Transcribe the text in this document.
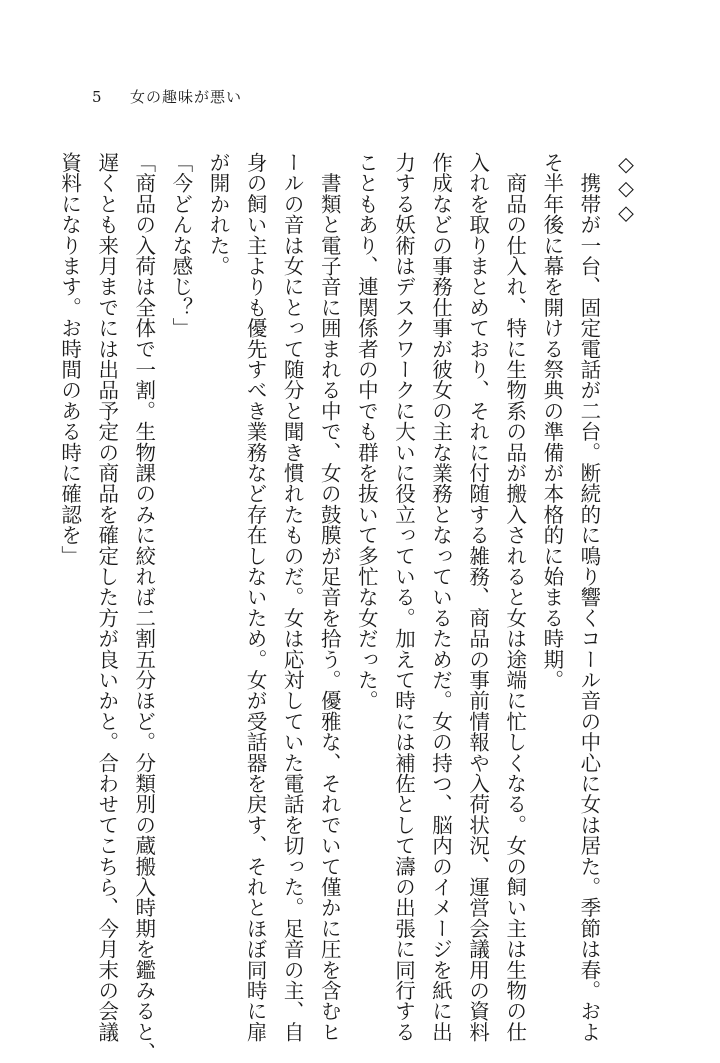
5 女の趣味が悪い
◇◇◇
　携帯が一台、固定電話が二台。断続的に鳴り響くコール音の中心に女は居た。季節は春。およ
そ半年後に幕を開ける祭典の準備が本格的に始まる時期。
　商品の仕入れ、特に生物系の品が搬入されると女は途端に忙しくなる。女の飼い主は生物の仕
入れを取りまとめており、それに付随する雑務、商品の事前情報や入荷状況、運営会議用の資料
作成などの事務仕事が彼女の主な業務となっているためだ。女の持つ、脳内のイメージを紙に出
力する妖術はデスクワークに大いに役立っている。加えて時には補佐として濤の出張に同行する
こともあり、連関係者の中でも群を抜いて多忙な女だった。
　書類と電子音に囲まれる中で、女の鼓膜が足音を拾う。優雅な、それでいて僅かに圧を含むヒ
ールの音は女にとって随分と聞き慣れたものだ。女は応対していた電話を切った。足音の主、自
身の飼い主よりも優先すべき業務など存在しないため。女が受話器を戻す、それとほぼ同時に扉
が開かれた。
「今どんな感じ？」
「商品の入荷は全体で一割。生物課のみに絞れば二割五分ほど。分類別の蔵搬入時期を鑑みると、
遅くとも来月までには出品予定の商品を確定した方が良いかと。合わせてこちら、今月末の会議
資料になります。お時間のある時に確認を」
